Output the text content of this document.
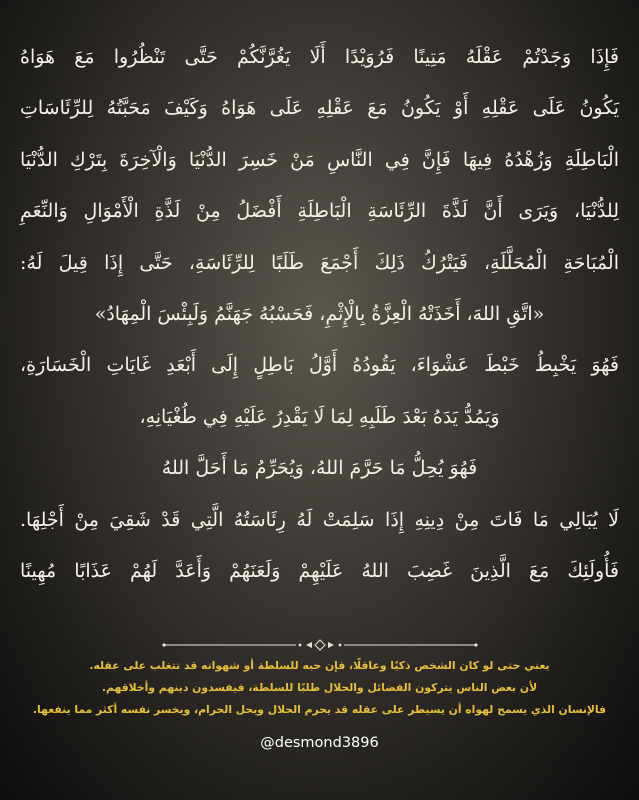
فَإِذَا وَجَدْتُمْ عَقْلَهُ مَتِينًا فَرُوَيْدًا أَلَا يَغُرَّنَّكُمْ حَتَّى تَنْظُرُوا مَعَ هَوَاهُ
يَكُونُ عَلَى عَقْلِهِ أَوْ يَكُونُ مَعَ عَقْلِهِ عَلَى هَوَاهُ وَكَيْفَ مَحَبَّتُهُ لِلرِّئَاسَاتِ
الْبَاطِلَةِ وَزُهْدُهُ فِيهَا فَإِنَّ فِي النَّاسِ مَنْ خَسِرَ الدُّنْيَا وَالْآخِرَةَ بِتَرْكِ الدُّنْيَا
لِلدُّنْيَا، وَيَرَى أَنَّ لَذَّةَ الرِّئَاسَةِ الْبَاطِلَةِ أَفْضَلُ مِنْ لَذَّةِ الْأَمْوَالِ وَالنِّعَمِ
الْمُبَاحَةِ الْمُحَلَّلَةِ، فَيَتْرُكُ ذَلِكَ أَجْمَعَ طَلَبًا لِلرِّئَاسَةِ، حَتَّى إِذَا قِيلَ لَهُ:
«اتَّقِ اللهَ، أَخَذَتْهُ الْعِزَّةُ بِالْإِثْمِ، فَحَسْبُهُ جَهَنَّمُ وَلَبِئْسَ الْمِهَادُ»
فَهُوَ يَخْبِطُ خَبْطَ عَشْوَاءَ، يَقُودُهُ أَوَّلُ بَاطِلٍ إِلَى أَبْعَدِ غَايَاتِ الْخَسَارَةِ،
وَيَمُدُّ يَدَهُ بَعْدَ طَلَبِهِ لِمَا لَا يَقْدِرُ عَلَيْهِ فِي طُغْيَانِهِ،
فَهُوَ يُحِلُّ مَا حَرَّمَ اللهُ، وَيُحَرِّمُ مَا أَحَلَّ اللهُ
لَا يُبَالِي مَا فَاتَ مِنْ دِينِهِ إِذَا سَلِمَتْ لَهُ رِئَاسَتُهُ الَّتِي قَدْ شَقِيَ مِنْ أَجْلِهَا.
فَأُولَئِكَ مَعَ الَّذِينَ غَضِبَ اللهُ عَلَيْهِمْ وَلَعَنَهُمْ وَأَعَدَّ لَهُمْ عَذَابًا مُهِينًا
يعني حتى لو كان الشخص ذكيًا وعاقلًا، فإن حبه للسلطة أو شهواته قد تتغلب على عقله.
لأن بعض الناس يتركون الفضائل والحلال طلبًا للسلطة، فيفسدون دينهم وأخلاقهم.
فالإنسان الذي يسمح لهواه أن يسيطر على عقله قد يحرم الحلال ويحل الحرام، ويخسر نفسه أكثر مما ينفعها.
@desmond3896
